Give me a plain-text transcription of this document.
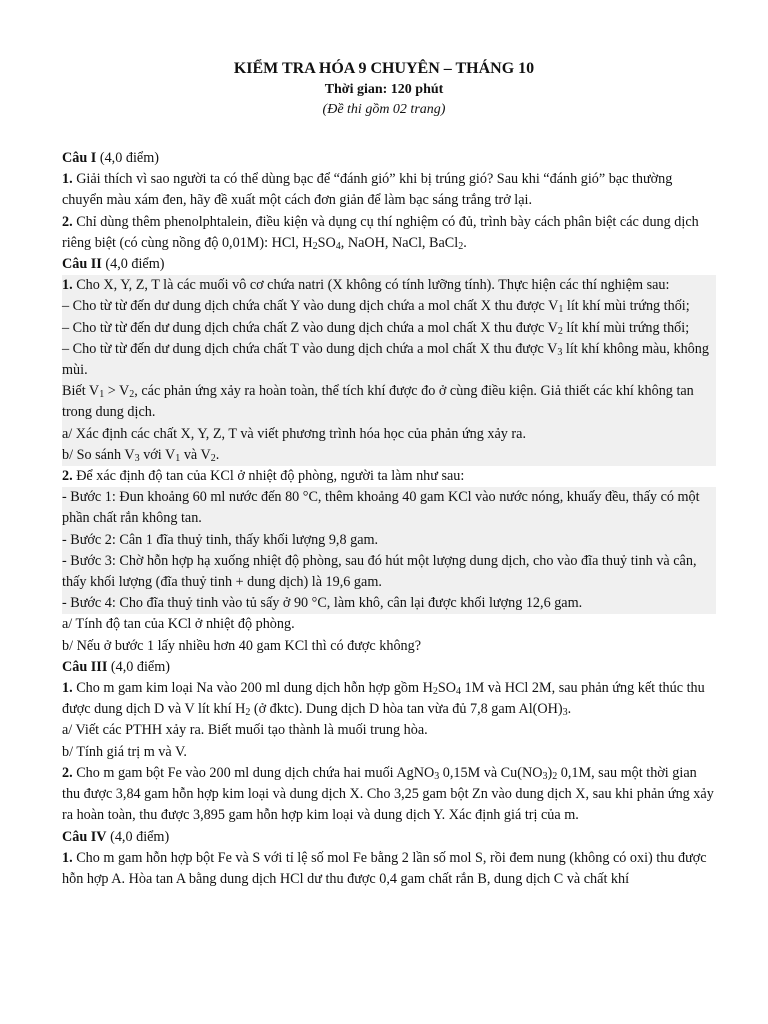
KIỂM TRA HÓA 9 CHUYÊN – THÁNG 10
Thời gian: 120 phút
(Đề thi gồm 02 trang)

Câu I (4,0 điểm)

1. Giải thích vì sao người ta có thể dùng bạc để “đánh gió” khi bị trúng gió? Sau khi “đánh gió” bạc thường chuyển màu xám đen, hãy đề xuất một cách đơn giản để làm bạc sáng trắng trở lại.

2. Chỉ dùng thêm phenolphtalein, điều kiện và dụng cụ thí nghiệm có đủ, trình bày cách phân biệt các dung dịch riêng biệt (có cùng nồng độ 0,01M): HCl, $H_2SO_4$, NaOH, NaCl, BaCl$_2$.

Câu II (4,0 điểm)

1. Cho X, Y, Z, T là các muối vô cơ chứa natri (X không có tính lưỡng tính). Thực hiện các thí nghiệm sau:

– Cho từ từ đến dư dung dịch chứa chất Y vào dung dịch chứa a mol chất X thu được $V_1$ lít khí mùi trứng thối;

– Cho từ từ đến dư dung dịch chứa chất Z vào dung dịch chứa a mol chất X thu được $V_2$ lít khí mùi trứng thối;

– Cho từ từ đến dư dung dịch chứa chất T vào dung dịch chứa a mol chất X thu được $V_3$ lít khí không màu, không mùi.

Biết $V_1 > V_2$, các phản ứng xảy ra hoàn toàn, thể tích khí được đo ở cùng điều kiện. Giả thiết các khí không tan trong dung dịch.

a/ Xác định các chất X, Y, Z, T và viết phương trình hóa học của phản ứng xảy ra.

b/ So sánh $V_3$ với $V_1$ và $V_2$.

2. Để xác định độ tan của KCl ở nhiệt độ phòng, người ta làm như sau:

- Bước 1: Đun khoảng 60 ml nước đến 80 °C, thêm khoảng 40 gam KCl vào nước nóng, khuấy đều, thấy có một phần chất rắn không tan.

- Bước 2: Cân 1 đĩa thuỷ tinh, thấy khối lượng 9,8 gam.

- Bước 3: Chờ hỗn hợp hạ xuống nhiệt độ phòng, sau đó hút một lượng dung dịch, cho vào đĩa thuỷ tinh và cân, thấy khối lượng (đĩa thuỷ tinh + dung dịch) là 19,6 gam.

- Bước 4: Cho đĩa thuỷ tinh vào tủ sấy ở 90 °C, làm khô, cân lại được khối lượng 12,6 gam.

a/ Tính độ tan của KCl ở nhiệt độ phòng.

b/ Nếu ở bước 1 lấy nhiều hơn 40 gam KCl thì có được không?

Câu III (4,0 điểm)

1. Cho m gam kim loại Na vào 200 ml dung dịch hỗn hợp gồm $H_2SO_4$ 1M và HCl 2M, sau phản ứng kết thúc thu được dung dịch D và V lít khí $H_2$ (ở đktc). Dung dịch D hòa tan vừa đủ 7,8 gam $Al(OH)_3$.

a/ Viết các PTHH xảy ra. Biết muối tạo thành là muối trung hòa.

b/ Tính giá trị m và V.

2. Cho m gam bột Fe vào 200 ml dung dịch chứa hai muối AgNO$_3$ 0,15M và $Cu(NO_3)_2$ 0,1M, sau một thời gian thu được 3,84 gam hỗn hợp kim loại và dung dịch X. Cho 3,25 gam bột Zn vào dung dịch X, sau khi phản ứng xảy ra hoàn toàn, thu được 3,895 gam hỗn hợp kim loại và dung dịch Y. Xác định giá trị của m.

Câu IV (4,0 điểm)

1. Cho m gam hỗn hợp bột Fe và S với tỉ lệ số mol Fe bằng 2 lần số mol S, rồi đem nung (không có oxi) thu được hỗn hợp A. Hòa tan A bằng dung dịch HCl dư thu được 0,4 gam chất rắn B, dung dịch C và chất khí
